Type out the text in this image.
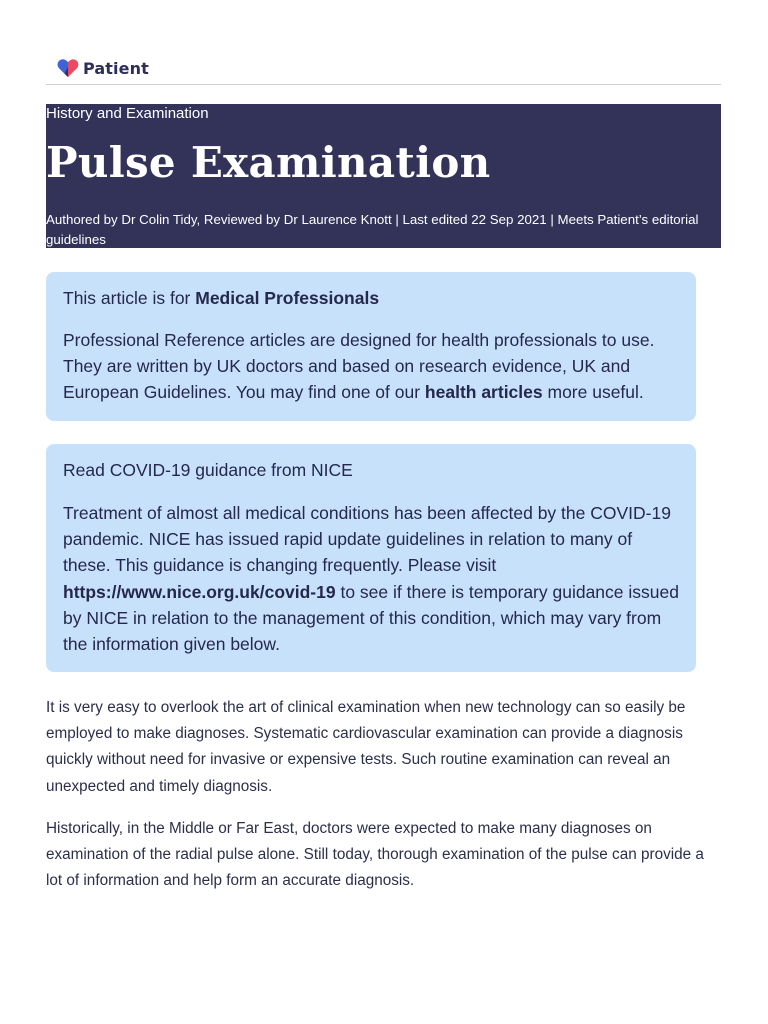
Patient
History and Examination
Pulse Examination
Authored by Dr Colin Tidy, Reviewed by Dr Laurence Knott | Last edited 22 Sep 2021 | Meets Patient’s editorial guidelines

This article is for Medical Professionals

Professional Reference articles are designed for health professionals to use. They are written by UK doctors and based on research evidence, UK and European Guidelines. You may find one of our health articles more useful.

Read COVID-19 guidance from NICE

Treatment of almost all medical conditions has been affected by the COVID-19 pandemic. NICE has issued rapid update guidelines in relation to many of these. This guidance is changing frequently. Please visit https://www.nice.org.uk/covid-19 to see if there is temporary guidance issued by NICE in relation to the management of this condition, which may vary from the information given below.

It is very easy to overlook the art of clinical examination when new technology can so easily be employed to make diagnoses. Systematic cardiovascular examination can provide a diagnosis quickly without need for invasive or expensive tests. Such routine examination can reveal an unexpected and timely diagnosis.

Historically, in the Middle or Far East, doctors were expected to make many diagnoses on examination of the radial pulse alone. Still today, thorough examination of the pulse can provide a lot of information and help form an accurate diagnosis.
